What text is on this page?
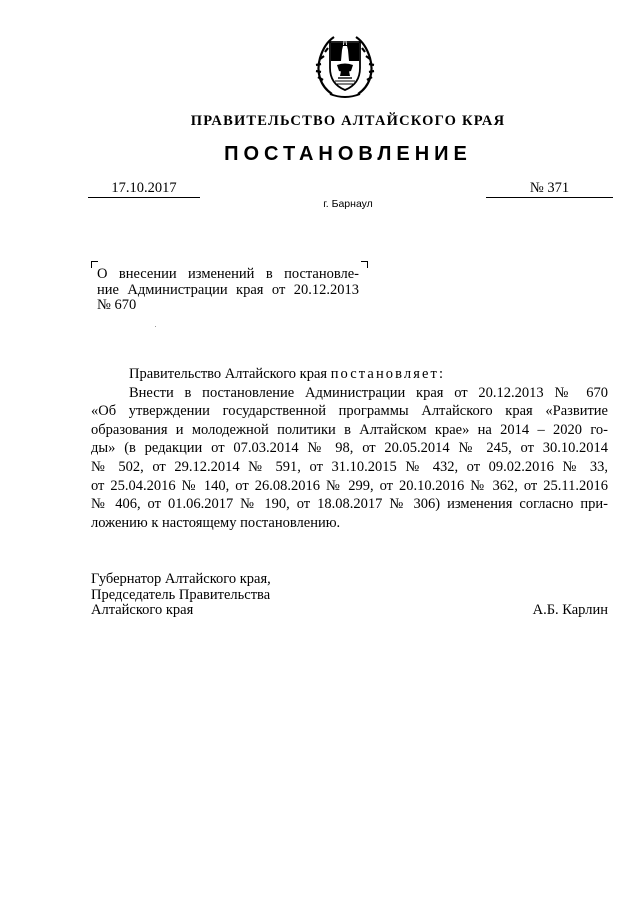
ПРАВИТЕЛЬСТВО АЛТАЙСКОГО КРАЯ
ПОСТАНОВЛЕНИЕ
17.10.2017	№ 371
г. Барнаул
О внесении изменений в постановле-
ние Администрации края от 20.12.2013
№ 670
Правительство Алтайского края постановляет:
Внести в постановление Администрации края от 20.12.2013 № 670
«Об утверждении государственной программы Алтайского края «Развитие
образования и молодежной политики в Алтайском крае» на 2014 – 2020 го-
ды» (в редакции от 07.03.2014 № 98, от 20.05.2014 № 245, от 30.10.2014
№ 502, от 29.12.2014 № 591, от 31.10.2015 № 432, от 09.02.2016 № 33,
от 25.04.2016 № 140, от 26.08.2016 № 299, от 20.10.2016 № 362, от 25.11.2016
№ 406, от 01.06.2017 № 190, от 18.08.2017 № 306) изменения согласно при-
ложению к настоящему постановлению.
Губернатор Алтайского края,
Председатель Правительства
Алтайского края	А.Б. Карлин
